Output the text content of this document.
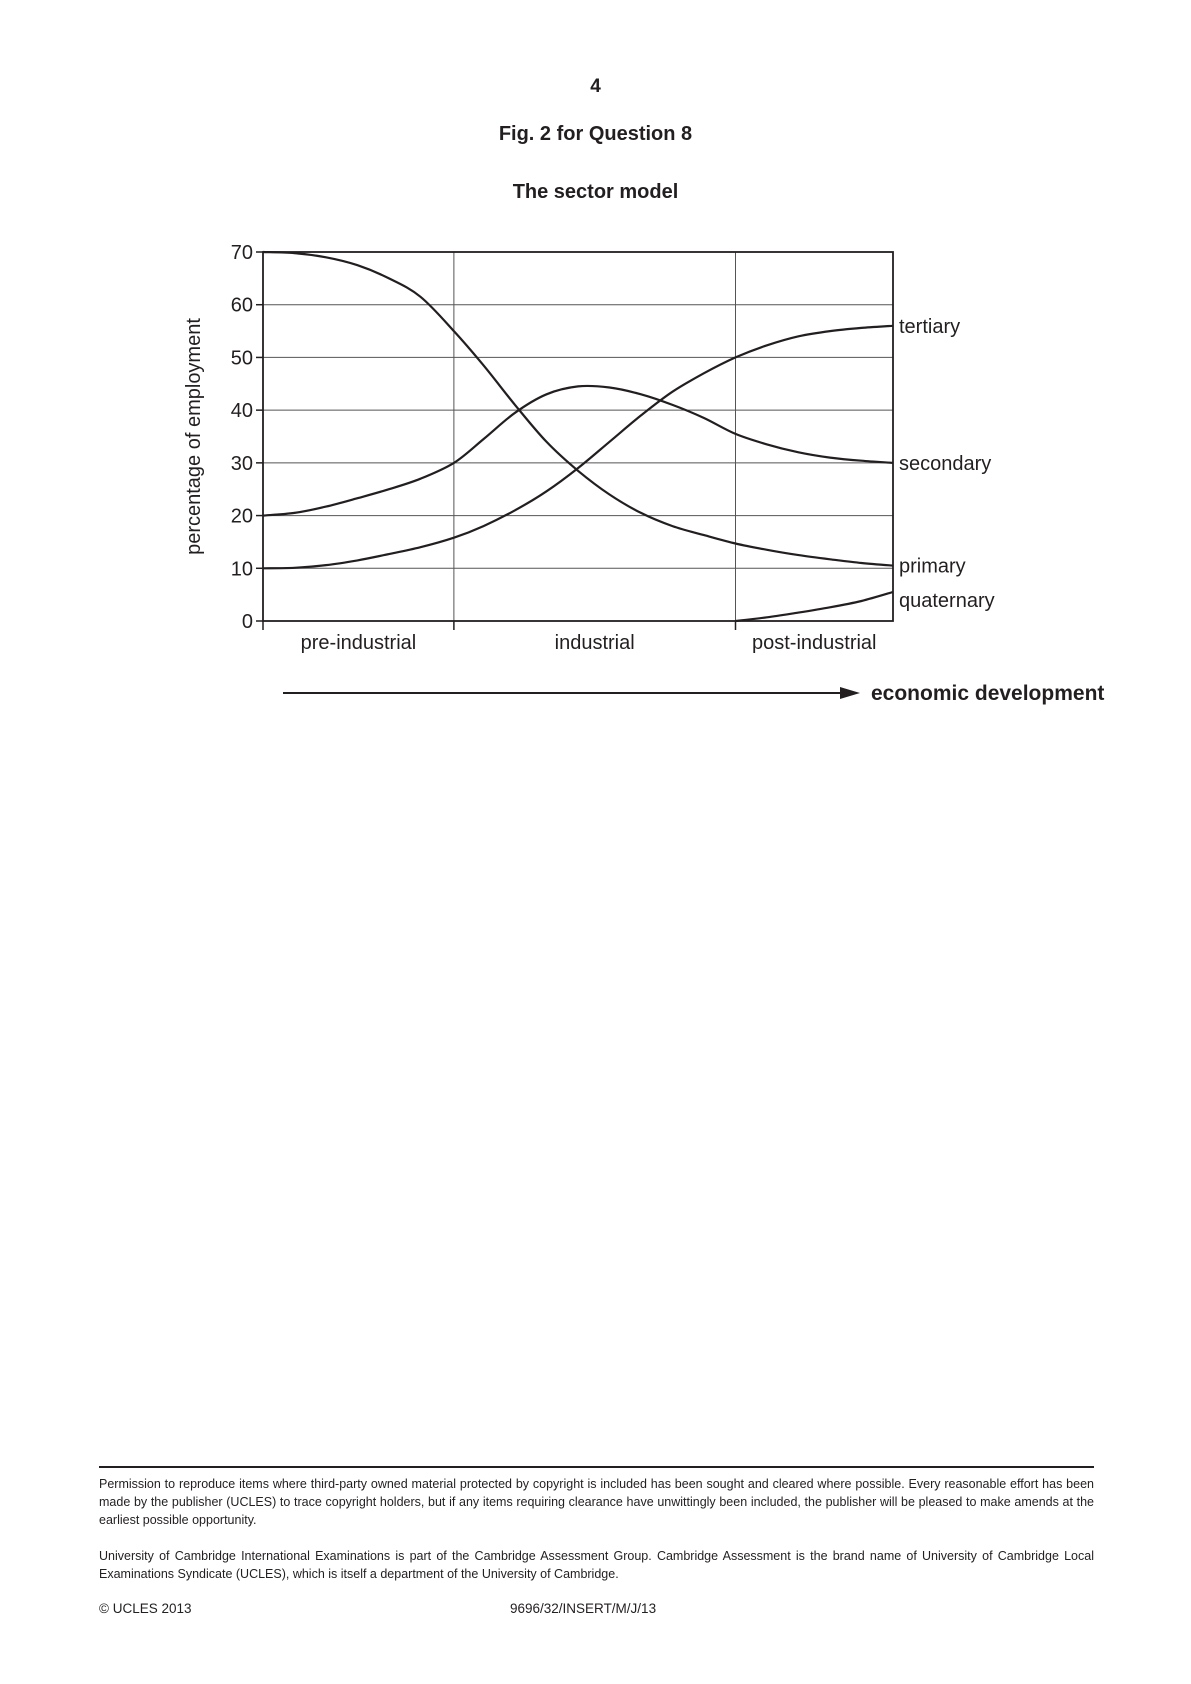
4
Fig. 2 for Question 8
The sector model
0
10
20
30
40
50
60
70
pre-industrial	industrial	post-industrial
percentage of employment
primary
secondary
tertiary
quaternary
economic development
Permission to reproduce items where third-party owned material protected by copyright is included has been sought and cleared where possible. Every reasonable effort has been made by the publisher (UCLES) to trace copyright holders, but if any items requiring clearance have unwittingly been included, the publisher will be pleased to make amends at the earliest possible opportunity.
University of Cambridge International Examinations is part of the Cambridge Assessment Group. Cambridge Assessment is the brand name of University of Cambridge Local Examinations Syndicate (UCLES), which is itself a department of the University of Cambridge.
© UCLES 2013	9696/32/INSERT/M/J/13
